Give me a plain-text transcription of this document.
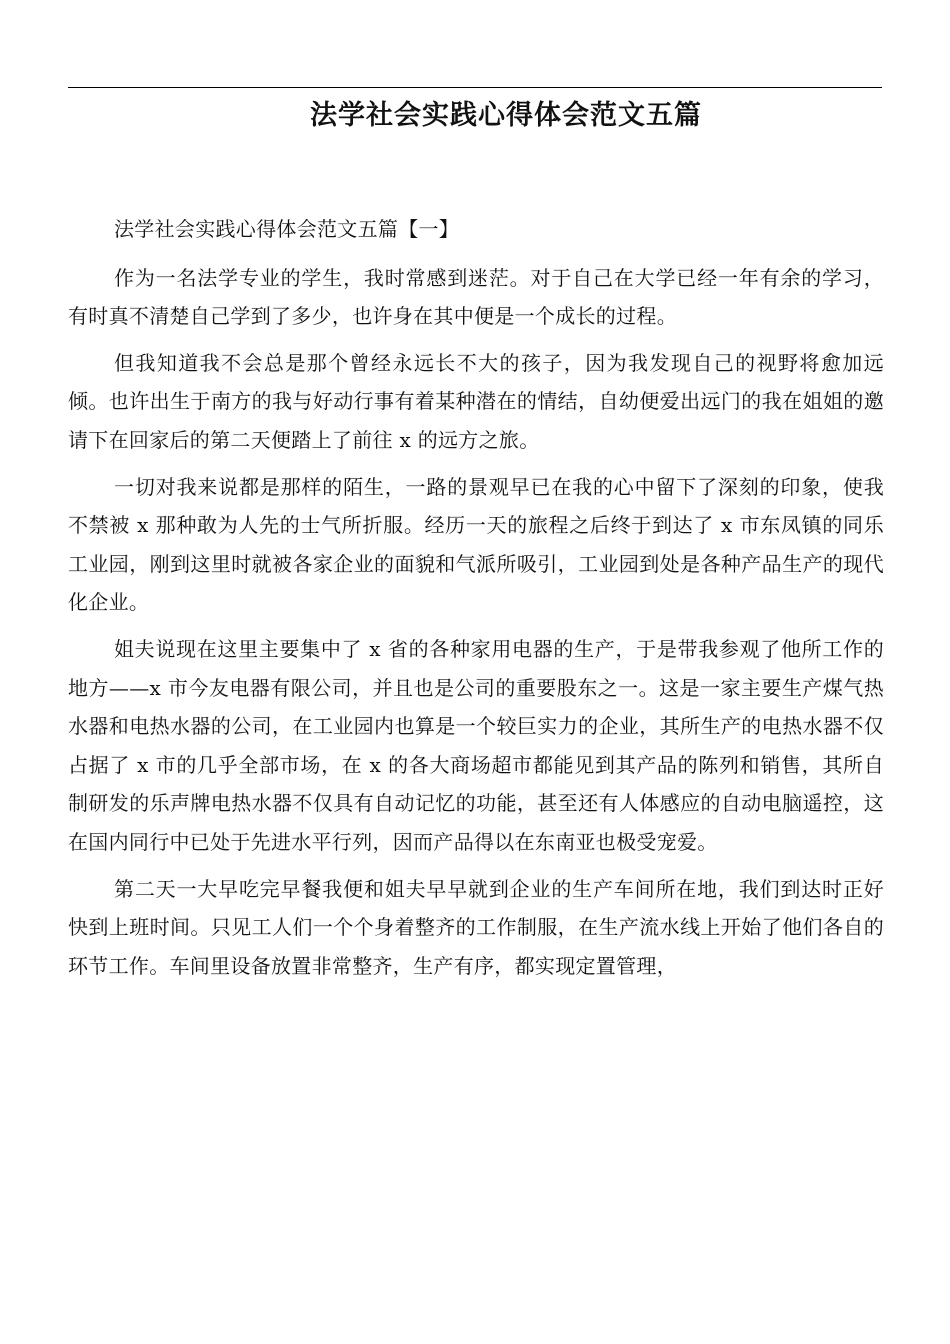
法学社会实践心得体会范文五篇

法学社会实践心得体会范文五篇【一】

作为一名法学专业的学生，我时常感到迷茫。对于自己在大学已经一年有余的学习，有时真不清楚自己学到了多少，也许身在其中便是一个成长的过程。

但我知道我不会总是那个曾经永远长不大的孩子，因为我发现自己的视野将愈加远倾。也许出生于南方的我与好动行事有着某种潜在的情结，自幼便爱出远门的我在姐姐的邀请下在回家后的第二天便踏上了前往 x 的远方之旅。

一切对我来说都是那样的陌生，一路的景观早已在我的心中留下了深刻的印象，使我不禁被 x 那种敢为人先的士气所折服。经历一天的旅程之后终于到达了 x 市东凤镇的同乐工业园，刚到这里时就被各家企业的面貌和气派所吸引，工业园到处是各种产品生产的现代化企业。

姐夫说现在这里主要集中了 x 省的各种家用电器的生产，于是带我参观了他所工作的地方——x 市今友电器有限公司，并且也是公司的重要股东之一。这是一家主要生产煤气热水器和电热水器的公司，在工业园内也算是一个较巨实力的企业，其所生产的电热水器不仅占据了 x 市的几乎全部市场，在 x 的各大商场超市都能见到其产品的陈列和销售，其所自制研发的乐声牌电热水器不仅具有自动记忆的功能，甚至还有人体感应的自动电脑遥控，这在国内同行中已处于先进水平行列，因而产品得以在东南亚也极受宠爱。

第二天一大早吃完早餐我便和姐夫早早就到企业的生产车间所在地，我们到达时正好快到上班时间。只见工人们一个个身着整齐的工作制服，在生产流水线上开始了他们各自的环节工作。车间里设备放置非常整齐，生产有序，都实现定置管理，
